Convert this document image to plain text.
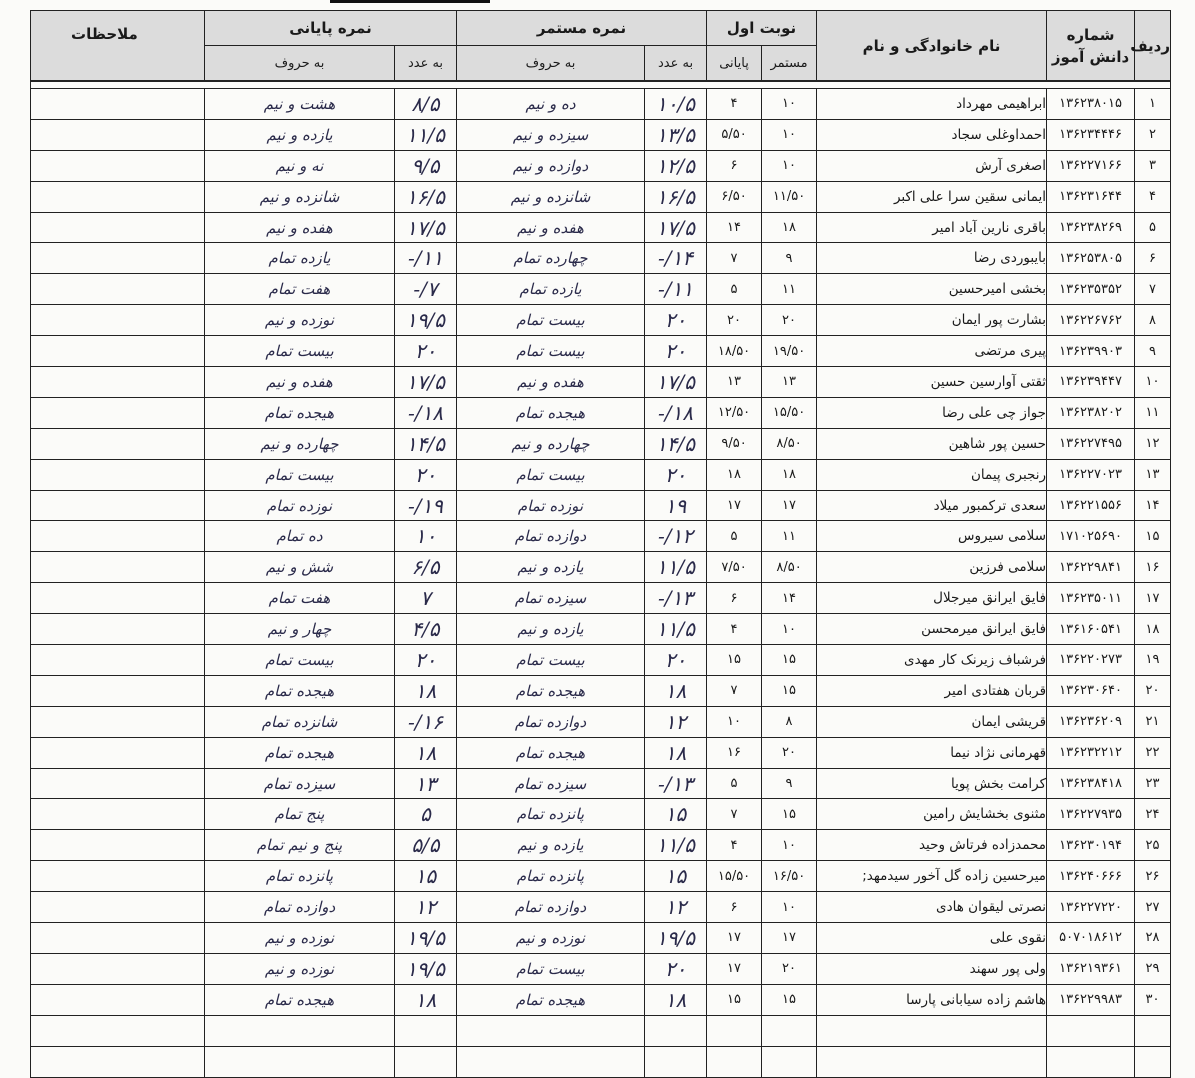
ردیف	شماره دانش آموز	نام خانوادگی و نام	نوبت اول		نمره مستمر		نمره پایانی		ملاحظات
			مستمر	پایانی	به عدد	به حروف	به عدد	به حروف	

۱	۱۳۶۲۳۸۰۱۵	ابراهیمی مهرداد	۱۰	۴	۱۰/۵	ده و نیم	۸/۵	هشت و نیم	
۲	۱۳۶۲۳۴۴۴۶	احمداوغلی سجاد	۱۰	۵/۵۰	۱۳/۵	سیزده و نیم	۱۱/۵	یازده و نیم	
۳	۱۳۶۲۲۷۱۶۶	اصغری آرش	۱۰	۶	۱۲/۵	دوازده و نیم	۹/۵	نه و نیم	
۴	۱۳۶۲۳۱۶۴۴	ایمانی سقین سرا علی اکبر	۱۱/۵۰	۶/۵۰	۱۶/۵	شانزده و نیم	۱۶/۵	شانزده و نیم	
۵	۱۳۶۲۳۸۲۶۹	باقری نارین آباد امیر	۱۸	۱۴	۱۷/۵	هفده و نیم	۱۷/۵	هفده و نیم	
۶	۱۳۶۲۵۳۸۰۵	بایبوردی رضا	۹	۷	۱۴/-	چهارده تمام	۱۱/-	یازده تمام	
۷	۱۳۶۲۳۵۳۵۲	بخشی امیرحسین	۱۱	۵	۱۱/-	یازده تمام	۷/-	هفت تمام	
۸	۱۳۶۲۲۶۷۶۲	بشارت پور ایمان	۲۰	۲۰	۲۰	بیست تمام	۱۹/۵	نوزده و نیم	
۹	۱۳۶۲۳۹۹۰۳	پیری مرتضی	۱۹/۵۰	۱۸/۵۰	۲۰	بیست تمام	۲۰	بیست تمام	
۱۰	۱۳۶۲۳۹۴۴۷	ثقتی آوارسین حسین	۱۳	۱۳	۱۷/۵	هفده و نیم	۱۷/۵	هفده و نیم	
۱۱	۱۳۶۲۳۸۲۰۲	جواز چی علی رضا	۱۵/۵۰	۱۲/۵۰	۱۸/-	هیجده تمام	۱۸/-	هیجده تمام	
۱۲	۱۳۶۲۲۷۴۹۵	حسین پور شاهین	۸/۵۰	۹/۵۰	۱۴/۵	چهارده و نیم	۱۴/۵	چهارده و نیم	
۱۳	۱۳۶۲۲۷۰۲۳	رنجبری پیمان	۱۸	۱۸	۲۰	بیست تمام	۲۰	بیست تمام	
۱۴	۱۳۶۲۲۱۵۵۶	سعدی ترکمبور میلاد	۱۷	۱۷	۱۹	نوزده تمام	۱۹/-	نوزده تمام	
۱۵	۱۷۱۰۲۵۶۹۰	سلامی سیروس	۱۱	۵	۱۲/-	دوازده تمام	۱۰	ده تمام	
۱۶	۱۳۶۲۲۹۸۴۱	سلامی فرزین	۸/۵۰	۷/۵۰	۱۱/۵	یازده و نیم	۶/۵	شش و نیم	
۱۷	۱۳۶۲۳۵۰۱۱	فایق ایرانق میرجلال	۱۴	۶	۱۳/-	سیزده تمام	۷	هفت تمام	
۱۸	۱۳۶۱۶۰۵۴۱	فایق ایرانق میرمحسن	۱۰	۴	۱۱/۵	یازده و نیم	۴/۵	چهار و نیم	
۱۹	۱۳۶۲۲۰۲۷۳	فرشباف زیرنک کار مهدی	۱۵	۱۵	۲۰	بیست تمام	۲۰	بیست تمام	
۲۰	۱۳۶۲۳۰۶۴۰	قربان هفتادی امیر	۱۵	۷	۱۸	هیجده تمام	۱۸	هیجده تمام	
۲۱	۱۳۶۲۳۶۲۰۹	قریشی ایمان	۸	۱۰	۱۲	دوازده تمام	۱۶/-	شانزده تمام	
۲۲	۱۳۶۲۳۲۲۱۲	قهرمانی نژاد نیما	۲۰	۱۶	۱۸	هیجده تمام	۱۸	هیجده تمام	
۲۳	۱۳۶۲۳۸۴۱۸	کرامت بخش پویا	۹	۵	۱۳/-	سیزده تمام	۱۳	سیزده تمام	
۲۴	۱۳۶۲۲۷۹۳۵	مثنوی بخشایش رامین	۱۵	۷	۱۵	پانزده تمام	۵	پنج تمام	
۲۵	۱۳۶۲۳۰۱۹۴	محمدزاده فرتاش وحید	۱۰	۴	۱۱/۵	یازده و نیم	۵/۵	پنج و نیم تمام	
۲۶	۱۳۶۲۴۰۶۶۶	میرحسین زاده گل آخور سیدمهد;	۱۶/۵۰	۱۵/۵۰	۱۵	پانزده تمام	۱۵	پانزده تمام	
۲۷	۱۳۶۲۲۷۲۲۰	نصرتی لیقوان هادی	۱۰	۶	۱۲	دوازده تمام	۱۲	دوازده تمام	
۲۸	۵۰۷۰۱۸۶۱۲	نقوی علی	۱۷	۱۷	۱۹/۵	نوزده و نیم	۱۹/۵	نوزده و نیم	
۲۹	۱۳۶۲۱۹۳۶۱	ولی پور سهند	۲۰	۱۷	۲۰	بیست تمام	۱۹/۵	نوزده و نیم	
۳۰	۱۳۶۲۲۹۹۸۳	هاشم زاده سیابانی پارسا	۱۵	۱۵	۱۸	هیجده تمام	۱۸	هیجده تمام	
